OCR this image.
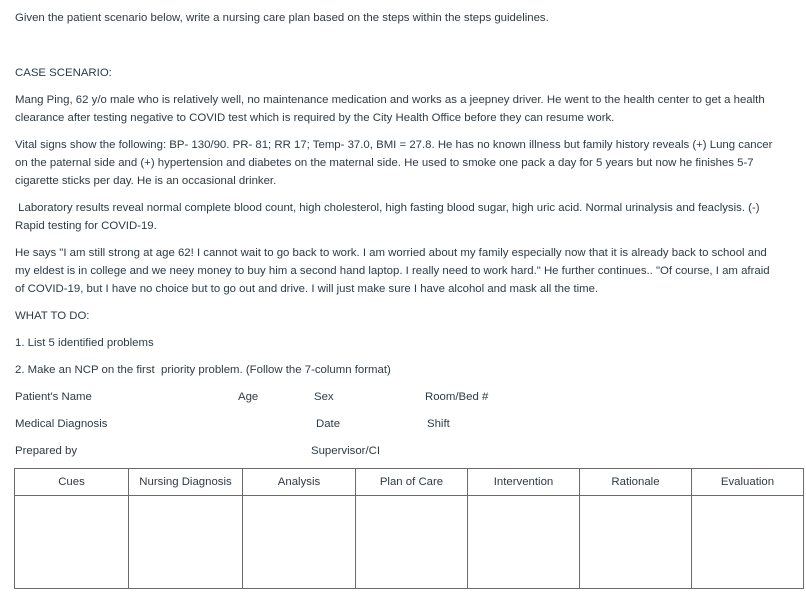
Given the patient scenario below, write a nursing care plan based on the steps within the steps guidelines.
CASE SCENARIO:
Mang Ping, 62 y/o male who is relatively well, no maintenance medication and works as a jeepney driver. He went to the health center to get a health
clearance after testing negative to COVID test which is required by the City Health Office before they can resume work.
Vital signs show the following: BP- 130/90. PR- 81; RR 17; Temp- 37.0, BMI = 27.8. He has no known illness but family history reveals (+) Lung cancer
on the paternal side and (+) hypertension and diabetes on the maternal side. He used to smoke one pack a day for 5 years but now he finishes 5-7
cigarette sticks per day. He is an occasional drinker.
Laboratory results reveal normal complete blood count, high cholesterol, high fasting blood sugar, high uric acid. Normal urinalysis and feaclysis. (-)
Rapid testing for COVID-19.
He says "I am still strong at age 62! I cannot wait to go back to work. I am worried about my family especially now that it is already back to school and
my eldest is in college and we neey money to buy him a second hand laptop. I really need to work hard." He further continues.. "Of course, I am afraid
of COVID-19, but I have no choice but to go out and drive. I will just make sure I have alcohol and mask all the time.
WHAT TO DO:
1. List 5 identified problems
2. Make an NCP on the first  priority problem. (Follow the 7-column format)
Patient's Name	Age	Sex	Room/Bed #
Medical Diagnosis	Date	Shift
Prepared by	Supervisor/CI
Cues	Nursing Diagnosis	Analysis	Plan of Care	Intervention	Rationale	Evaluation
